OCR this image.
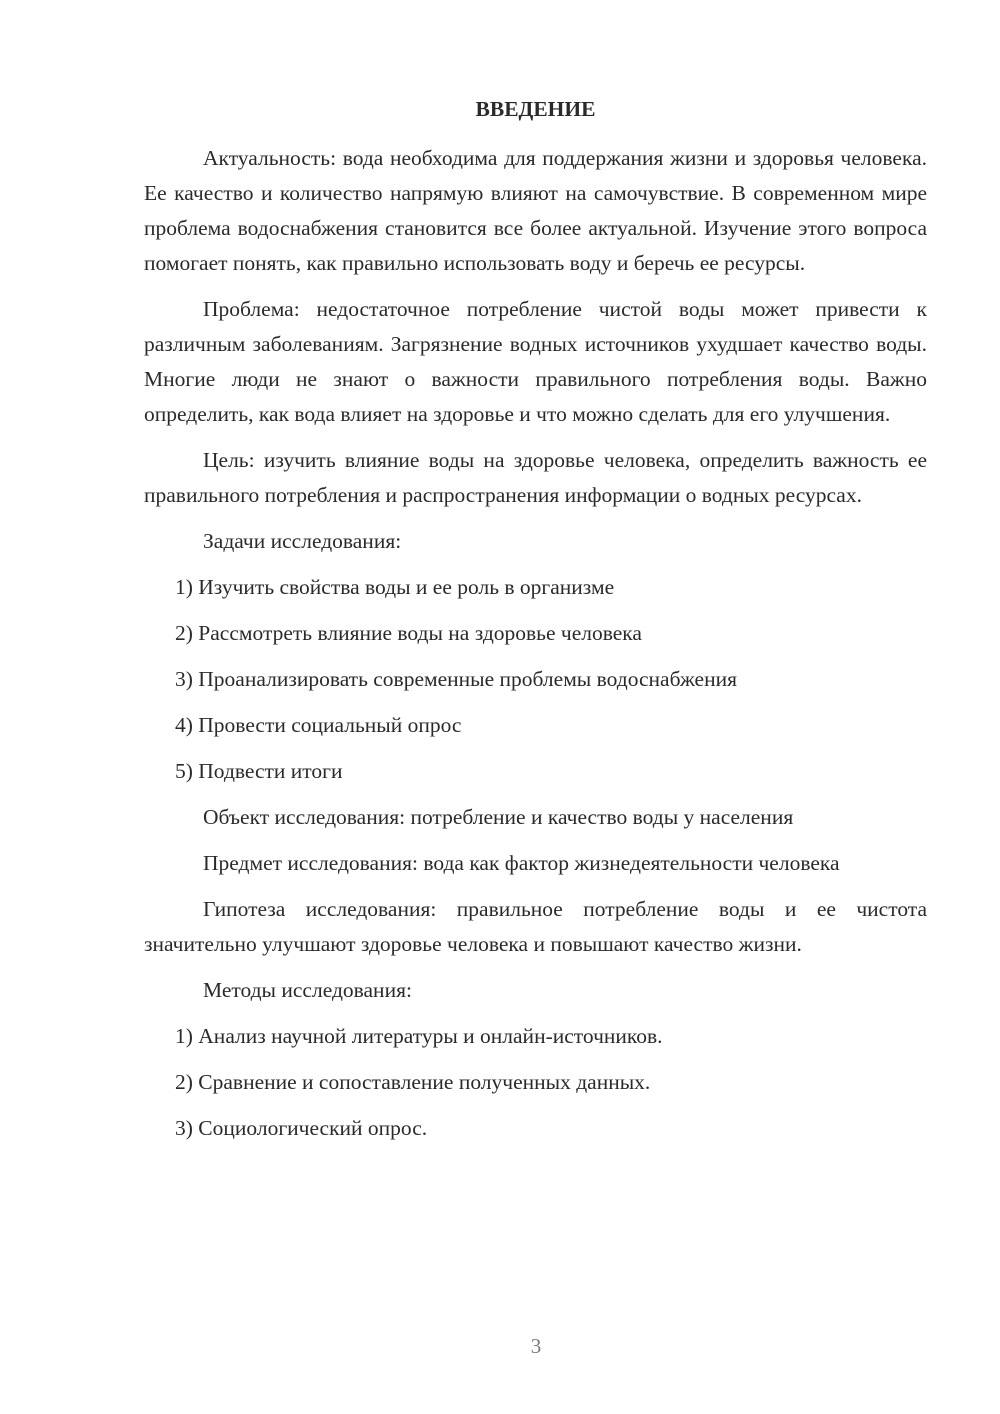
ВВЕДЕНИЕ

Актуальность: вода необходима для поддержания жизни и здоровья человека. Ее качество и количество напрямую влияют на самочувствие. В современном мире проблема водоснабжения становится все более актуальной. Изучение этого вопроса помогает понять, как правильно использовать воду и беречь ее ресурсы.

Проблема: недостаточное потребление чистой воды может привести к различным заболеваниям. Загрязнение водных источников ухудшает качество воды. Многие люди не знают о важности правильного потребления воды. Важно определить, как вода влияет на здоровье и что можно сделать для его улучшения.

Цель: изучить влияние воды на здоровье человека, определить важность ее правильного потребления и распространения информации о водных ресурсах.

Задачи исследования:
1) Изучить свойства воды и ее роль в организме
2) Рассмотреть влияние воды на здоровье человека
3) Проанализировать современные проблемы водоснабжения
4) Провести социальный опрос
5) Подвести итоги

Объект исследования: потребление и качество воды у населения

Предмет исследования: вода как фактор жизнедеятельности человека

Гипотеза исследования: правильное потребление воды и ее чистота значительно улучшают здоровье человека и повышают качество жизни.

Методы исследования:
1) Анализ научной литературы и онлайн-источников.
2) Сравнение и сопоставление полученных данных.
3) Социологический опрос.
3
